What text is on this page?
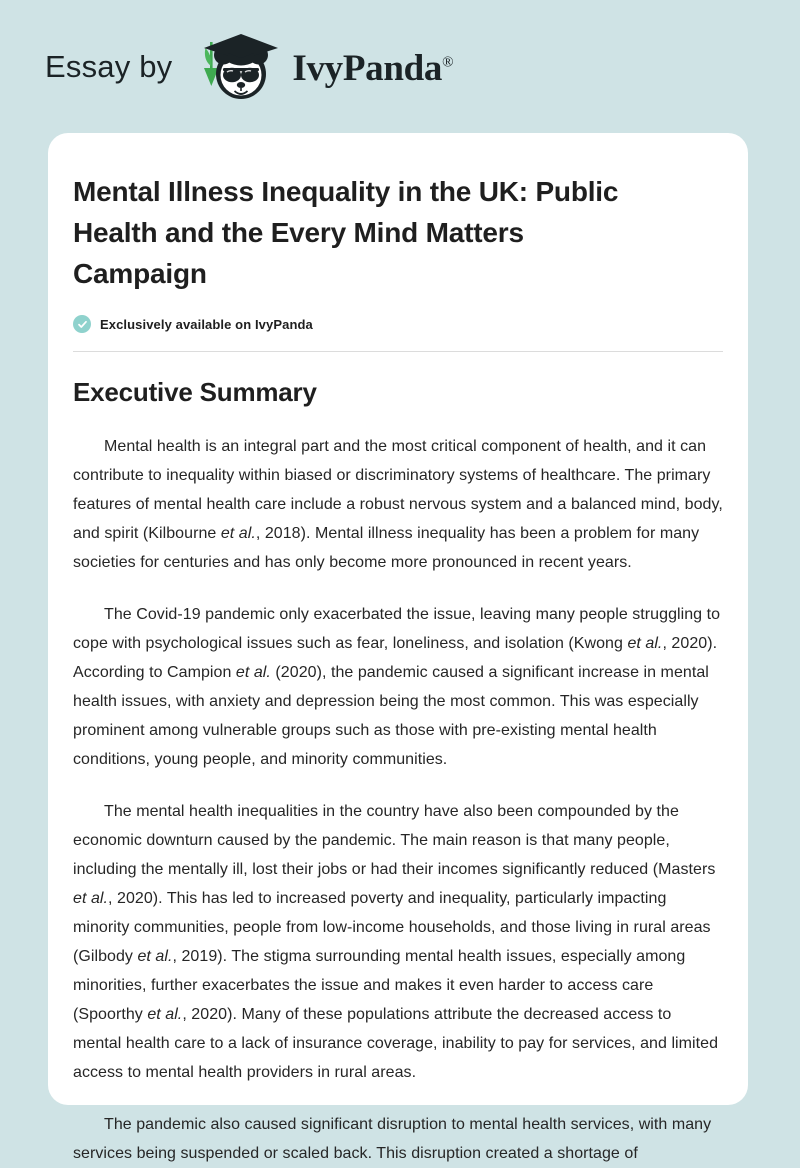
Essay by	IvyPanda®
Mental Illness Inequality in the UK: Public Health and the Every Mind Matters Campaign
Exclusively available on IvyPanda
Executive Summary

Mental health is an integral part and the most critical component of health, and it can contribute to inequality within biased or discriminatory systems of healthcare. The primary features of mental health care include a robust nervous system and a balanced mind, body, and spirit (Kilbourne et al., 2018). Mental illness inequality has been a problem for many societies for centuries and has only become more pronounced in recent years.

The Covid-19 pandemic only exacerbated the issue, leaving many people struggling to cope with psychological issues such as fear, loneliness, and isolation (Kwong et al., 2020). According to Campion et al. (2020), the pandemic caused a significant increase in mental health issues, with anxiety and depression being the most common. This was especially prominent among vulnerable groups such as those with pre-existing mental health conditions, young people, and minority communities.

The mental health inequalities in the country have also been compounded by the economic downturn caused by the pandemic. The main reason is that many people, including the mentally ill, lost their jobs or had their incomes significantly reduced (Masters et al., 2020). This has led to increased poverty and inequality, particularly impacting minority communities, people from low-income households, and those living in rural areas (Gilbody et al., 2019). The stigma surrounding mental health issues, especially among minorities, further exacerbates the issue and makes it even harder to access care (Spoorthy et al., 2020). Many of these populations attribute the decreased access to mental health care to a lack of insurance coverage, inability to pay for services, and limited access to mental health providers in rural areas.

The pandemic also caused significant disruption to mental health services, with many services being suspended or scaled back. This disruption created a shortage of
